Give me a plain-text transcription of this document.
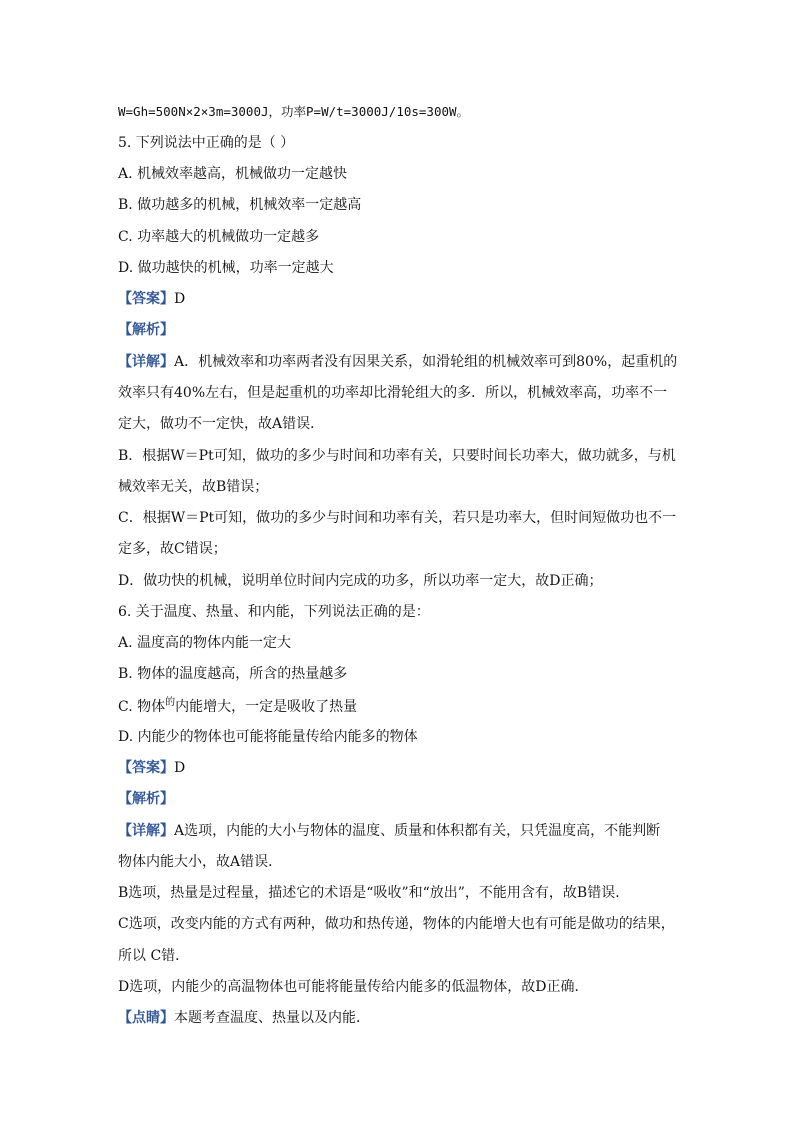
W=Gh=500N×2×3m=3000J，功率P=W/t=3000J/10s=300W。
5. 下列说法中正确的是（ ）
A. 机械效率越高，机械做功一定越快
B. 做功越多的机械，机械效率一定越高
C. 功率越大的机械做功一定越多
D. 做功越快的机械，功率一定越大
【答案】D
【解析】
【详解】A．机械效率和功率两者没有因果关系，如滑轮组的机械效率可到80%，起重机的
效率只有40%左右，但是起重机的功率却比滑轮组大的多．所以，机械效率高，功率不一
定大，做功不一定快，故A错误．
B．根据W＝Pt可知，做功的多少与时间和功率有关，只要时间长功率大，做功就多，与机
械效率无关，故B错误；
C．根据W＝Pt可知，做功的多少与时间和功率有关，若只是功率大，但时间短做功也不一
定多，故C错误；
D．做功快的机械，说明单位时间内完成的功多，所以功率一定大，故D正确；
6. 关于温度、热量、和内能，下列说法正确的是：
A. 温度高的物体内能一定大
B. 物体的温度越高，所含的热量越多
C. 物体$^的$内能增大，一定是吸收了热量
D. 内能少的物体也可能将能量传给内能多的物体
【答案】D
【解析】
【详解】A选项，内能的大小与物体的温度、质量和体积都有关，只凭温度高，不能判断
物体内能大小，故A错误．
B选项，热量是过程量，描述它的术语是“吸收”和“放出”，不能用含有，故B错误．
C选项，改变内能的方式有两种，做功和热传递，物体的内能增大也有可能是做功的结果，
所以 C错．
D选项，内能少的高温物体也可能将能量传给内能多的低温物体，故D正确．
【点睛】本题考查温度、热量以及内能．
